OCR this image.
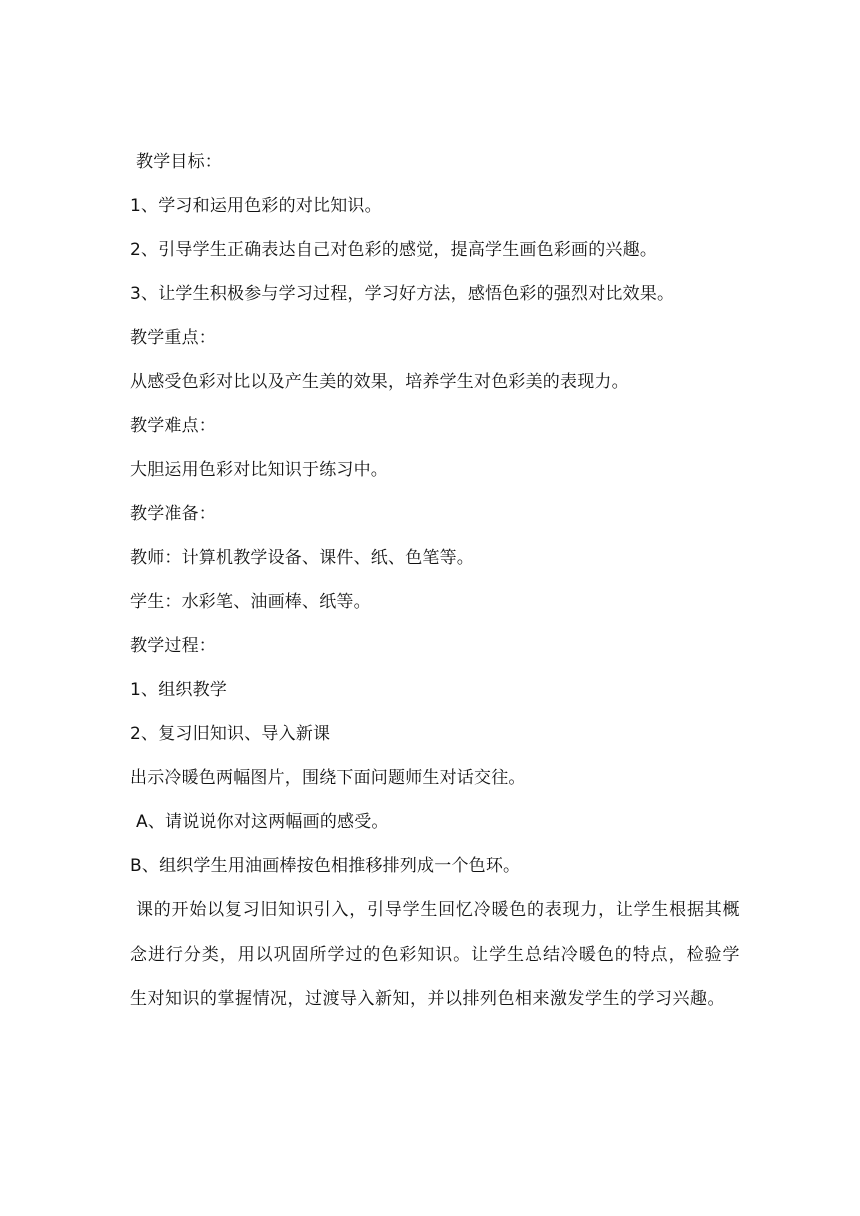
教学目标：
1、学习和运用色彩的对比知识。
2、引导学生正确表达自己对色彩的感觉，提高学生画色彩画的兴趣。
3、让学生积极参与学习过程，学习好方法，感悟色彩的强烈对比效果。
教学重点：
从感受色彩对比以及产生美的效果，培养学生对色彩美的表现力。
教学难点：
大胆运用色彩对比知识于练习中。
教学准备：
教师：计算机教学设备、课件、纸、色笔等。
学生：水彩笔、油画棒、纸等。
教学过程：
1、组织教学
2、复习旧知识、导入新课
出示冷暖色两幅图片，围绕下面问题师生对话交往。
A、请说说你对这两幅画的感受。
B、组织学生用油画棒按色相推移排列成一个色环。

课的开始以复习旧知识引入，引导学生回忆冷暖色的表现力，让学生根据其概念进行分类，用以巩固所学过的色彩知识。让学生总结冷暖色的特点，检验学生对知识的掌握情况，过渡导入新知，并以排列色相来激发学生的学习兴趣。
